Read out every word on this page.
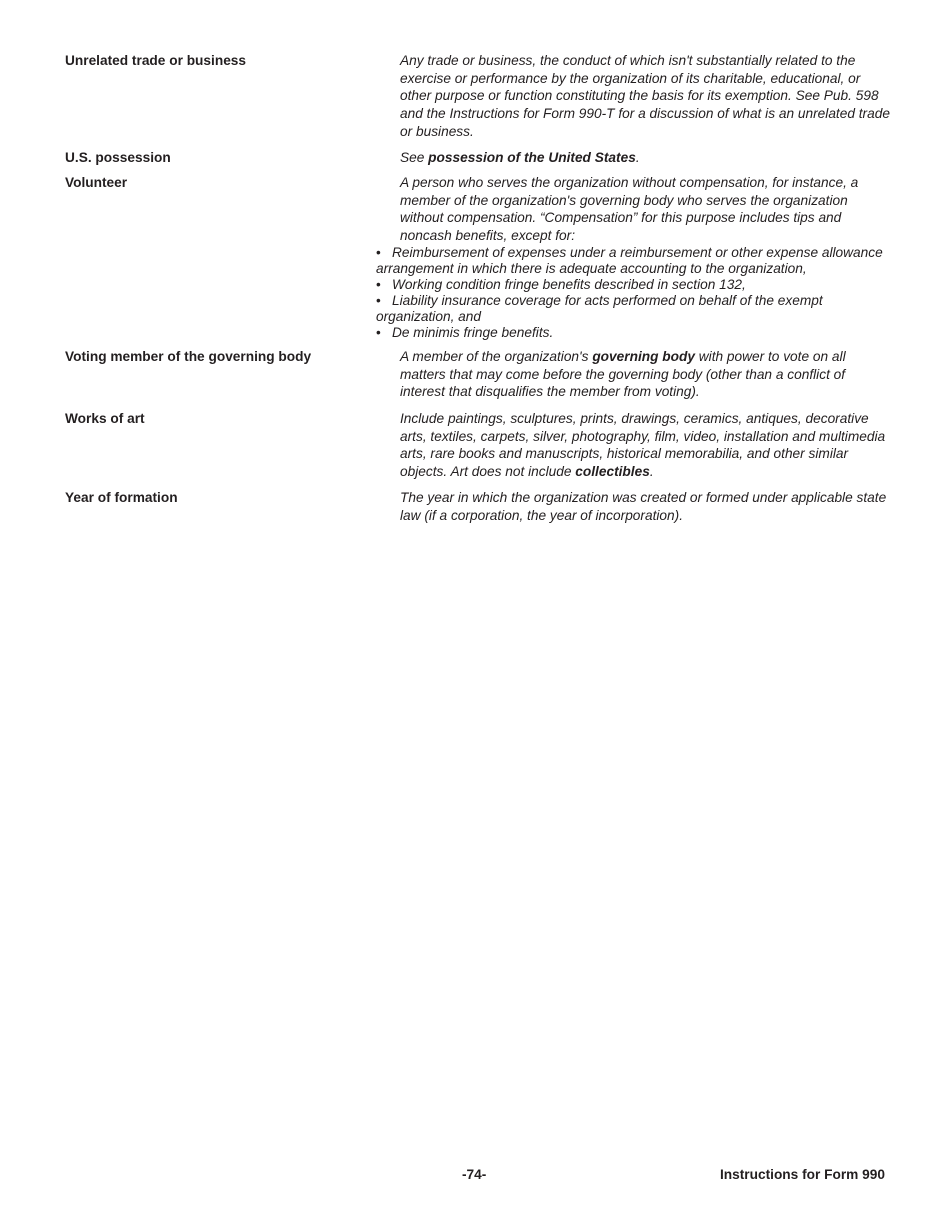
Unrelated trade or business	Any trade or business, the conduct of which isn't substantially related to the exercise or performance by the organization of its charitable, educational, or other purpose or function constituting the basis for its exemption. See Pub. 598 and the Instructions for Form 990-T for a discussion of what is an unrelated trade or business.
U.S. possession	See possession of the United States.
Volunteer	A person who serves the organization without compensation, for instance, a member of the organization's governing body who serves the organization without compensation. “Compensation” for this purpose includes tips and noncash benefits, except for:
• Reimbursement of expenses under a reimbursement or other expense allowance arrangement in which there is adequate accounting to the organization,
• Working condition fringe benefits described in section 132,
• Liability insurance coverage for acts performed on behalf of the exempt organization, and
• De minimis fringe benefits.
Voting member of the governing body	A member of the organization's governing body with power to vote on all matters that may come before the governing body (other than a conflict of interest that disqualifies the member from voting).
Works of art	Include paintings, sculptures, prints, drawings, ceramics, antiques, decorative arts, textiles, carpets, silver, photography, film, video, installation and multimedia arts, rare books and manuscripts, historical memorabilia, and other similar objects. Art does not include collectibles.
Year of formation	The year in which the organization was created or formed under applicable state law (if a corporation, the year of incorporation).
-74-	Instructions for Form 990
